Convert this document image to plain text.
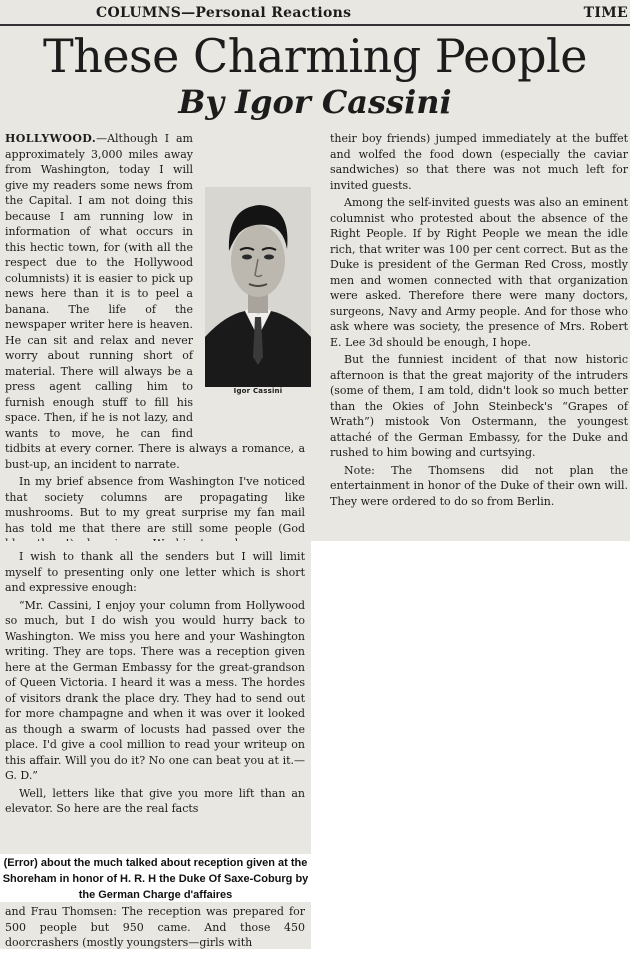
COLUMNS—Personal Reactions	TIME
These Charming People
By Igor Cassini
Igor Cassini

HOLLYWOOD.—Although I am approximately 3,000 miles away from Washington, today I will give my readers some news from the Capital. I am not doing this because I am running low in information of what occurs in this hectic town, for (with all the respect due to the Hollywood columnists) it is easier to pick up news here than it is to peel a banana. The life of the newspaper writer here is heaven. He can sit and relax and never worry about running short of material. There will always be a press agent calling him to furnish enough stuff to fill his space. Then, if he is not lazy, and wants to move, he can find tidbits at every corner. There is always a romance, a bust-up, an incident to narrate.

In my brief absence from Washington I've noticed that society columns are propagating like mushrooms. But to my great surprise my fan mail has told me that there are still some people (God

their boy friends) jumped immediately at the buffet and wolfed the food down (especially the caviar sandwiches) so that there was not much left for invited guests.

Among the self-invited guests was also an eminent columnist who protested about the absence of the Right People. If by Right People we mean the idle rich, that writer was 100 per cent correct. But as the Duke is president of the German Red Cross, mostly men and women connected with that organization were asked. Therefore there were many doctors, surgeons, Navy and Army people. And for those who ask where was society, the presence of Mrs. Robert E. Lee 3d should be enough, I hope.

But the funniest incident of that now historic afternoon is that the great majority of the intruders (some of them, I am told, didn't look so much better than the Okies of John Steinbeck's “Grapes of Wrath”) mistook Von Ostermann, the youngest attaché of the German Embassy, for the Duke and rushed to him bowing and curtsying.

Note: The Thomsens did not plan the entertainment in honor of the Duke of their own will. They were ordered to do so from Berlin.

I wish to thank all the senders but I will limit myself to presenting only one letter which is short and expressive enough:

“Mr. Cassini, I enjoy your column from Hollywood so much, but I do wish you would hurry back to Washington. We miss you here and your Washington writing. They are tops. There was a reception given here at the German Embassy for the great-grandson of Queen Victoria. I heard it was a mess. The hordes of visitors drank the place dry. They had to send out for more champagne and when it was over it looked as though a swarm of locusts had passed over the place. I'd give a cool million to read your writeup on this affair. Will you do it? No one can beat you at it.—G. D.”

Well, letters like that give you more lift than an elevator. So here are the real facts

(Error) about the much talked about reception given at the Shoreham in honor of H. R. H the Duke Of Saxe-Coburg by the German Charge d'affaires

and Frau Thomsen: The reception was prepared for 500 people but 950 came. And those 450 doorcrashers (mostly youngsters—girls with
